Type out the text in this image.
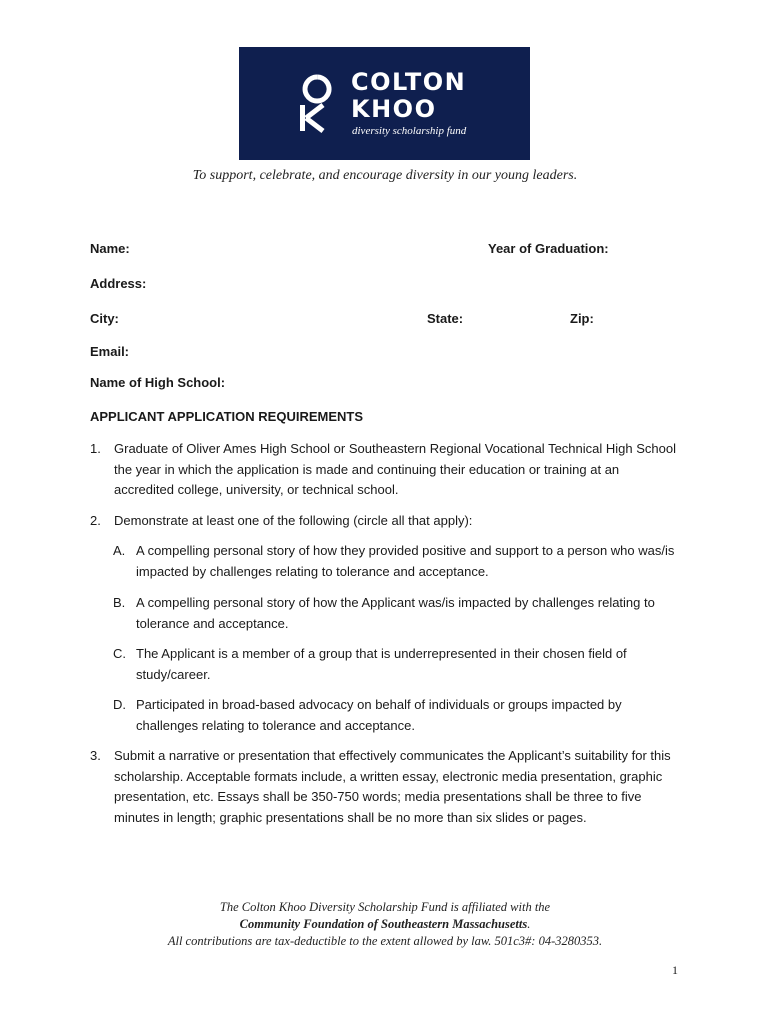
COLTON
KHOO
diversity scholarship fund
To support, celebrate, and encourage diversity in our young leaders.
Name:	Year of Graduation:
Address:
City:	State:	Zip:
Email:
Name of High School:
APPLICANT APPLICATION REQUIREMENTS
1.	Graduate of Oliver Ames High School or Southeastern Regional Vocational Technical High School the year in which the application is made and continuing their education or training at an accredited college, university, or technical school.
2.	Demonstrate at least one of the following (circle all that apply):
A. A compelling personal story of how they provided positive and support to a person who was/is impacted by challenges relating to tolerance and acceptance.
B. A compelling personal story of how the Applicant was/is impacted by challenges relating to tolerance and acceptance.
C. The Applicant is a member of a group that is underrepresented in their chosen field of study/career.
D. Participated in broad-based advocacy on behalf of individuals or groups impacted by challenges relating to tolerance and acceptance.
3.	Submit a narrative or presentation that effectively communicates the Applicant’s suitability for this scholarship. Acceptable formats include, a written essay, electronic media presentation, graphic presentation, etc. Essays shall be 350-750 words; media presentations shall be three to five minutes in length; graphic presentations shall be no more than six slides or pages.
The Colton Khoo Diversity Scholarship Fund is affiliated with the
Community Foundation of Southeastern Massachusetts.
All contributions are tax-deductible to the extent allowed by law. 501c3#: 04-3280353.
1
